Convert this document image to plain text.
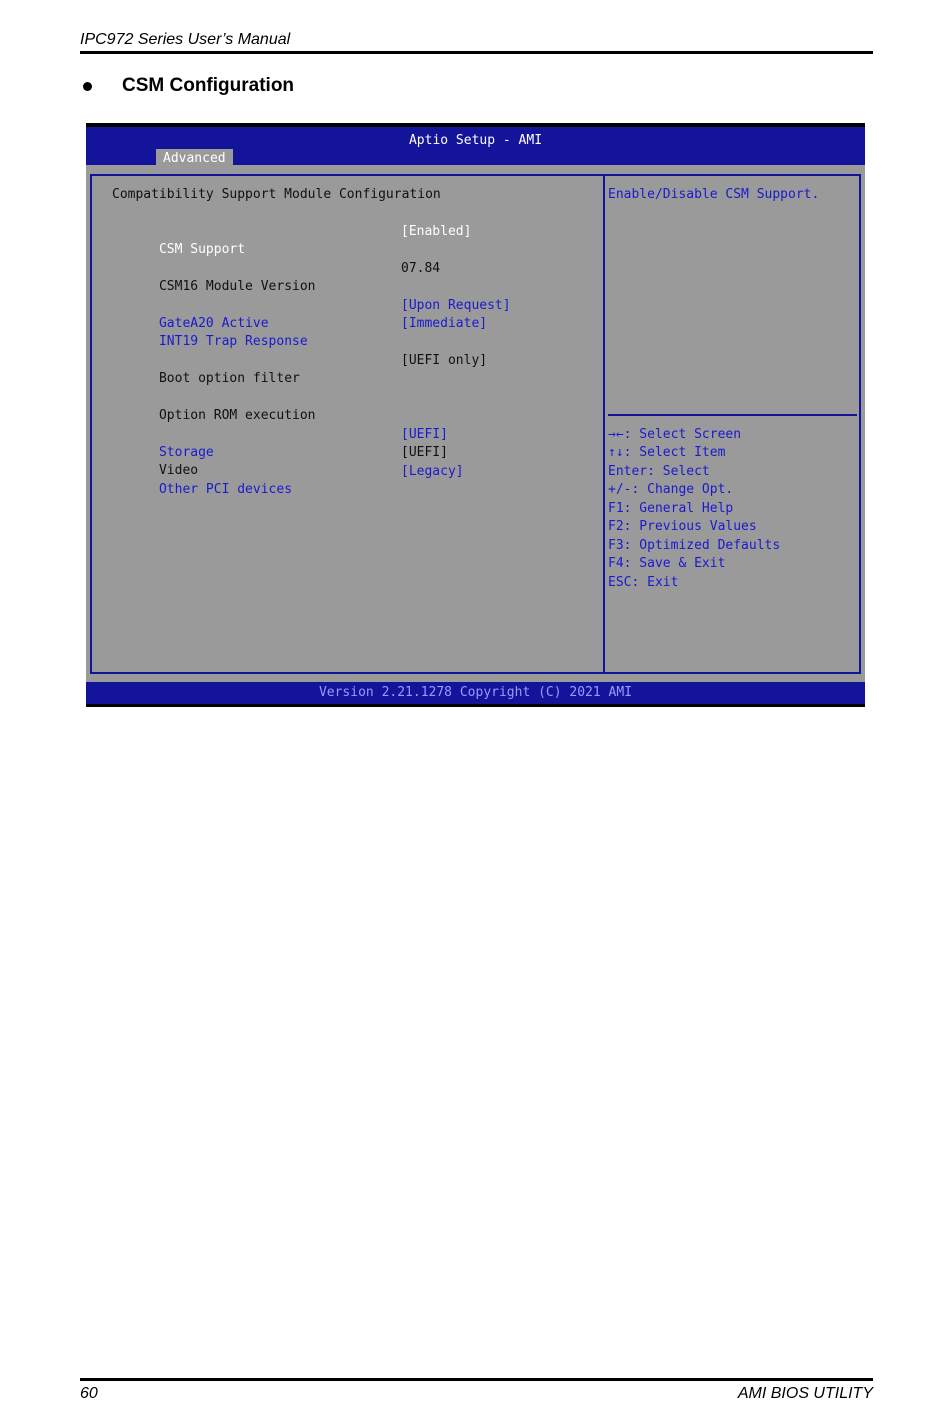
IPC972 Series User’s Manual
CSM Configuration
Aptio Setup - AMI
Advanced
Compatibility Support Module Configuration

CSM Support

[Enabled]

CSM16 Module Version

07.84

GateA20 Active

[Upon Request]

INT19 Trap Response

[Immediate]

Boot option filter

[UEFI only]

Option ROM execution

Storage

[UEFI]

Video

[UEFI]

Other PCI devices

[Legacy]

Enable/Disable CSM Support.
→←: Select Screen
↑↓: Select Item
Enter: Select
+/-: Change Opt.
F1: General Help
F2: Previous Values
F3: Optimized Defaults
F4: Save & Exit
ESC: Exit
Version 2.21.1278 Copyright (C) 2021 AMI
60	AMI BIOS UTILITY
